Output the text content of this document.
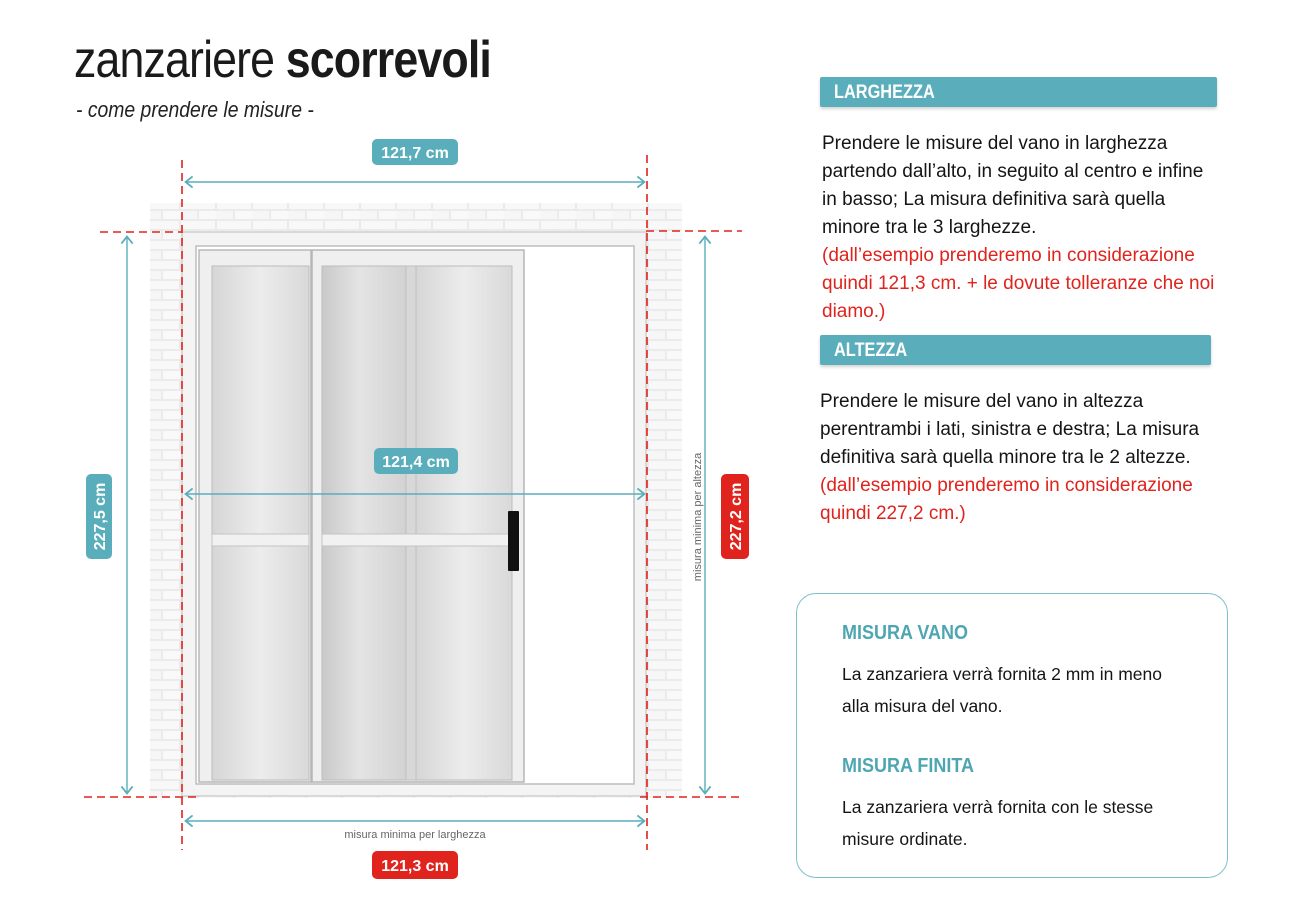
zanzariere scorrevoli
- come prendere le misure -
121,7 cm
121,4 cm
121,3 cm
227,5 cm	227,2 cm
misura minima per larghezza
misura minima per altezza
LARGHEZZA
Prendere le misure del vano in larghezza partendo dall’alto, in seguito al centro e infine in basso; La misura definitiva sarà quella minore tra le 3 larghezze.
(dall’esempio prenderemo in considerazione quindi 121,3 cm. + le dovute tolleranze che noi diamo.)
ALTEZZA
Prendere le misure del vano in altezza perentrambi i lati, sinistra e destra; La misura definitiva sarà quella minore tra le 2 altezze.
(dall’esempio prenderemo in considerazione quindi 227,2 cm.)
MISURA VANO
La zanzariera verrà fornita 2 mm in meno alla misura del vano.
MISURA FINITA
La zanzariera verrà fornita con le stesse misure ordinate.
